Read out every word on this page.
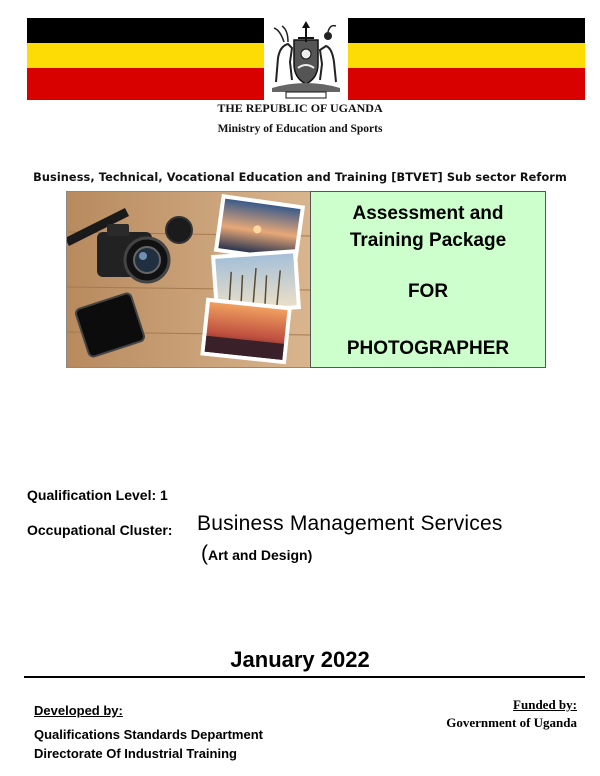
THE REPUBLIC OF UGANDA
Ministry of Education and Sports
Business, Technical, Vocational Education and Training [BTVET] Sub sector Reform
Assessment and
Training Package
FOR
PHOTOGRAPHER
Qualification Level: 1
Occupational Cluster: Business Management Services
(Art and Design)
January 2022
Developed by:
Qualifications Standards Department
Directorate Of Industrial Training
Funded by:
Government of Uganda
